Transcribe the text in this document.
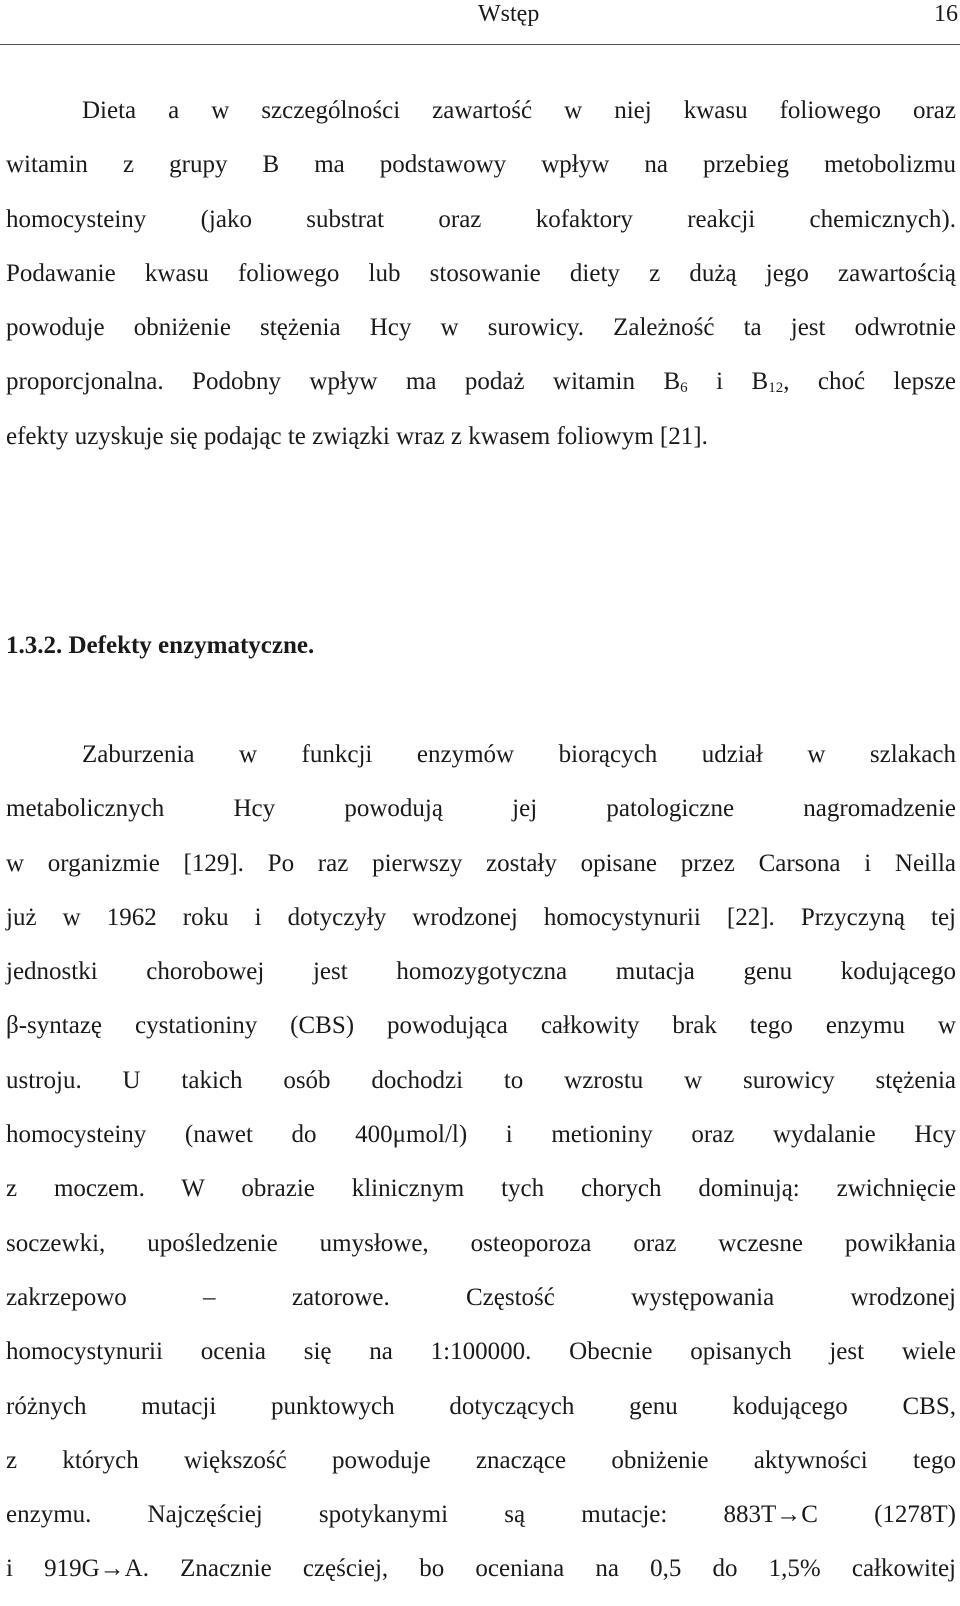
Wstęp	16
Dieta a w szczególności zawartość w niej kwasu foliowego oraz
witamin z grupy B ma podstawowy wpływ na przebieg metobolizmu
homocysteiny (jako substrat oraz kofaktory reakcji chemicznych).
Podawanie kwasu foliowego lub stosowanie diety z dużą jego zawartością
powoduje obniżenie stężenia Hcy w surowicy. Zależność ta jest odwrotnie
proporcjonalna. Podobny wpływ ma podaż witamin $B_6$ i $B_{12}$, choć lepsze
efekty uzyskuje się podając te związki wraz z kwasem foliowym [21].
1.3.2. Defekty enzymatyczne.
Zaburzenia w funkcji enzymów biorących udział w szlakach
metabolicznych Hcy powodują jej patologiczne nagromadzenie
w organizmie [129]. Po raz pierwszy zostały opisane przez Carsona i Neilla
już w 1962 roku i dotyczyły wrodzonej homocystynurii [22]. Przyczyną tej
jednostki chorobowej jest homozygotyczna mutacja genu kodującego
β-syntazę cystationiny (CBS) powodująca całkowity brak tego enzymu w
ustroju. U takich osób dochodzi to wzrostu w surowicy stężenia
homocysteiny (nawet do 400μmol/l) i metioniny oraz wydalanie Hcy
z moczem. W obrazie klinicznym tych chorych dominują: zwichnięcie
soczewki, upośledzenie umysłowe, osteoporoza oraz wczesne powikłania
zakrzepowo – zatorowe. Częstość występowania wrodzonej
homocystynurii ocenia się na 1:100000. Obecnie opisanych jest wiele
różnych mutacji punktowych dotyczących genu kodującego CBS,
z których większość powoduje znaczące obniżenie aktywności tego
enzymu. Najczęściej spotykanymi są mutacje: 883T→C (1278T)
i 919G→A. Znacznie częściej, bo oceniana na 0,5 do 1,5% całkowitej
